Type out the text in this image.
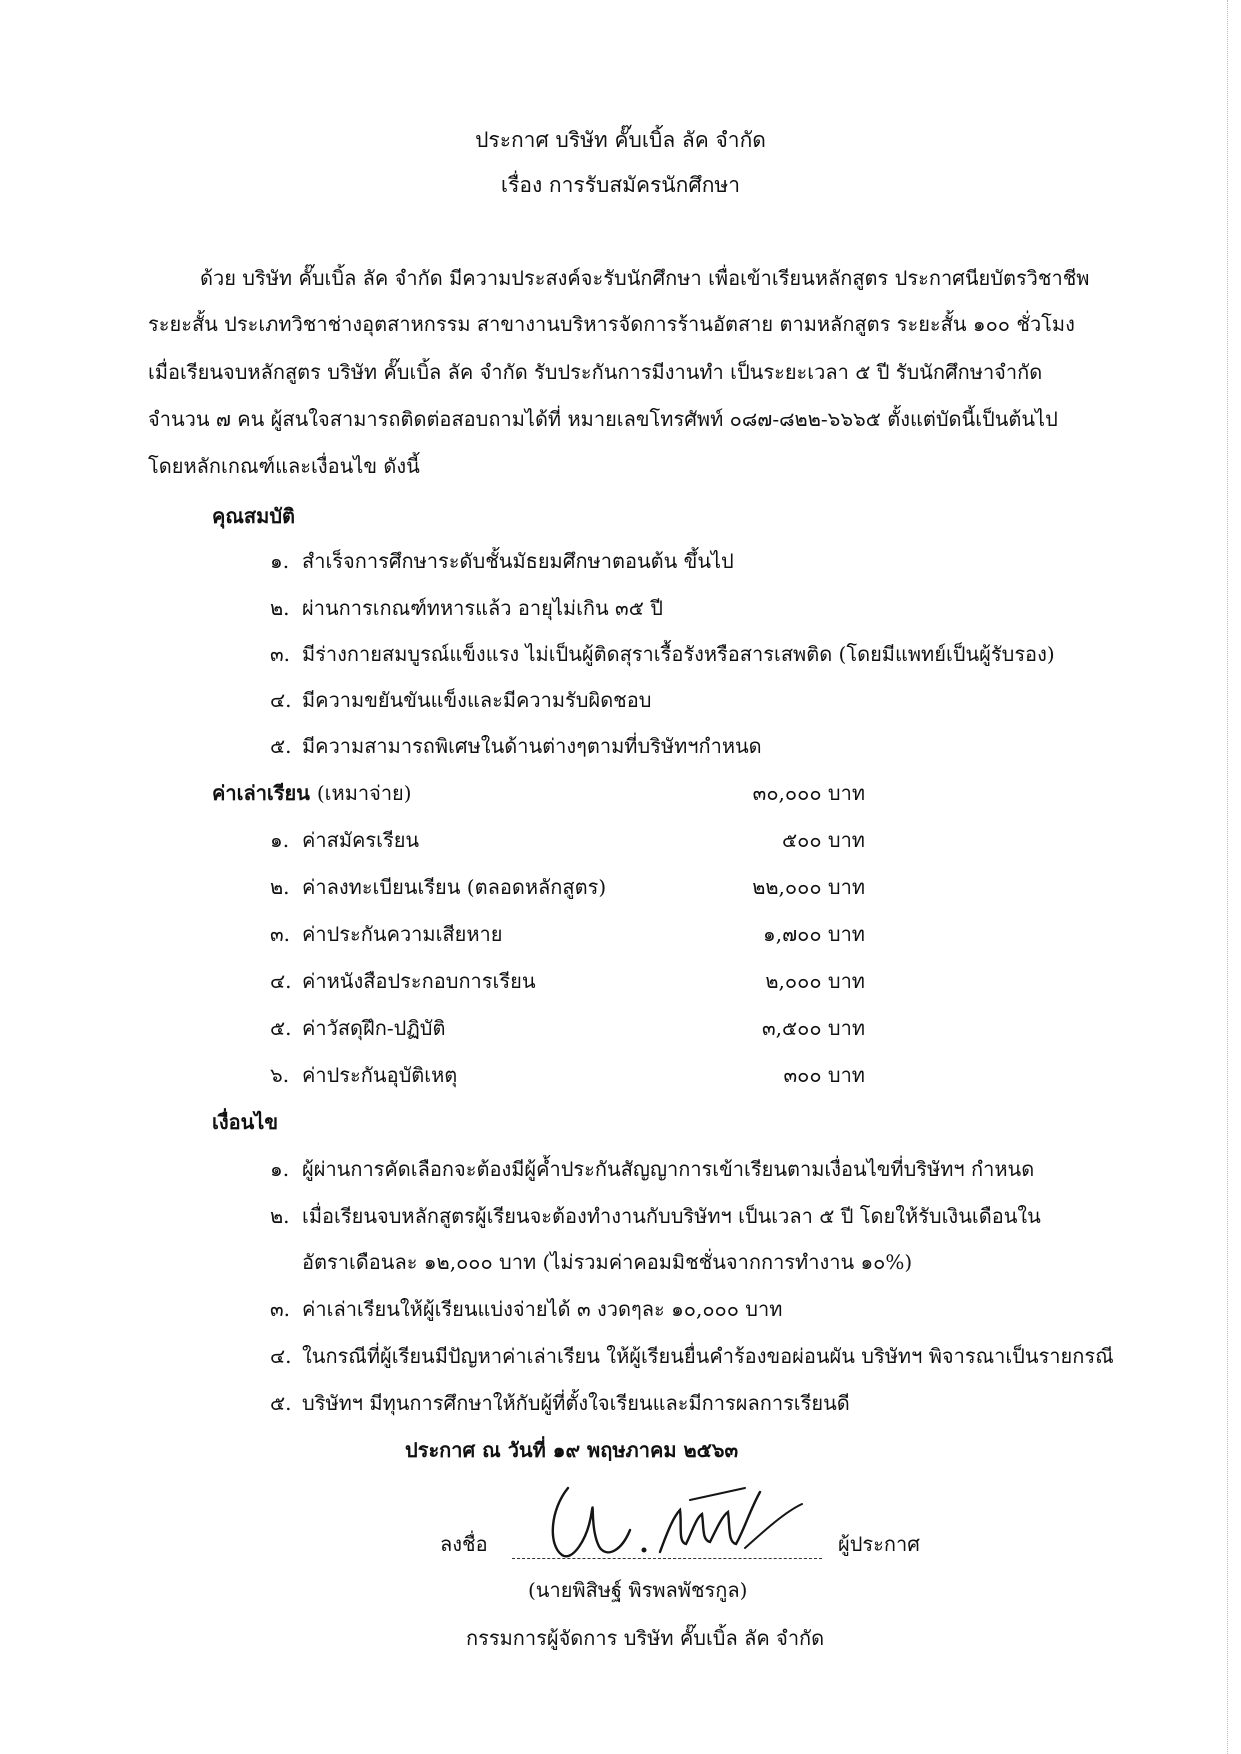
ประกาศ บริษัท คั๊บเบิ้ล ลัค จำกัด
เรื่อง การรับสมัครนักศึกษา
ด้วย บริษัท คั๊บเบิ้ล ลัค จำกัด มีความประสงค์จะรับนักศึกษา เพื่อเข้าเรียนหลักสูตร ประกาศนียบัตรวิชาชีพ
ระยะสั้น ประเภทวิชาช่างอุตสาหกรรม สาขางานบริหารจัดการร้านอัตสาย ตามหลักสูตร ระยะสั้น ๑๐๐ ชั่วโมง
เมื่อเรียนจบหลักสูตร บริษัท คั๊บเบิ้ล ลัค จำกัด รับประกันการมีงานทำ เป็นระยะเวลา ๕ ปี รับนักศึกษาจำกัด
จำนวน ๗ คน ผู้สนใจสามารถติดต่อสอบถามได้ที่ หมายเลขโทรศัพท์ ๐๘๗-๘๒๒-๖๖๖๕ ตั้งแต่บัดนี้เป็นต้นไป
โดยหลักเกณฑ์และเงื่อนไข ดังนี้
คุณสมบัติ
๑. สำเร็จการศึกษาระดับชั้นมัธยมศึกษาตอนต้น ขึ้นไป
๒. ผ่านการเกณฑ์ทหารแล้ว อายุไม่เกิน ๓๕ ปี
๓. มีร่างกายสมบูรณ์แข็งแรง ไม่เป็นผู้ติดสุราเรื้อรังหรือสารเสพติด (โดยมีแพทย์เป็นผู้รับรอง)
๔. มีความขยันขันแข็งและมีความรับผิดชอบ
๕. มีความสามารถพิเศษในด้านต่างๆตามที่บริษัทฯกำหนด
ค่าเล่าเรียน (เหมาจ่าย)	๓๐,๐๐๐ บาท
๑. ค่าสมัครเรียน	๕๐๐ บาท
๒. ค่าลงทะเบียนเรียน (ตลอดหลักสูตร)	๒๒,๐๐๐ บาท
๓. ค่าประกันความเสียหาย	๑,๗๐๐ บาท
๔. ค่าหนังสือประกอบการเรียน	๒,๐๐๐ บาท
๕. ค่าวัสดุฝึก-ปฏิบัติ	๓,๕๐๐ บาท
๖. ค่าประกันอุบัติเหตุ	๓๐๐ บาท
เงื่อนไข
๑. ผู้ผ่านการคัดเลือกจะต้องมีผู้ค้ำประกันสัญญาการเข้าเรียนตามเงื่อนไขที่บริษัทฯ กำหนด
๒. เมื่อเรียนจบหลักสูตรผู้เรียนจะต้องทำงานกับบริษัทฯ เป็นเวลา ๕ ปี โดยให้รับเงินเดือนใน
อัตราเดือนละ ๑๒,๐๐๐ บาท (ไม่รวมค่าคอมมิชชั่นจากการทำงาน ๑๐%)
๓. ค่าเล่าเรียนให้ผู้เรียนแบ่งจ่ายได้ ๓ งวดๆละ ๑๐,๐๐๐ บาท
๔. ในกรณีที่ผู้เรียนมีปัญหาค่าเล่าเรียน ให้ผู้เรียนยื่นคำร้องขอผ่อนผัน บริษัทฯ พิจารณาเป็นรายกรณี
๕. บริษัทฯ มีทุนการศึกษาให้กับผู้ที่ตั้งใจเรียนและมีการผลการเรียนดี
ประกาศ ณ วันที่ ๑๙ พฤษภาคม ๒๕๖๓
ลงชื่อ	ผู้ประกาศ
(นายพิสิษฐ์ พิรพลพัชรกูล)
กรรมการผู้จัดการ บริษัท คั๊บเบิ้ล ลัค จำกัด
